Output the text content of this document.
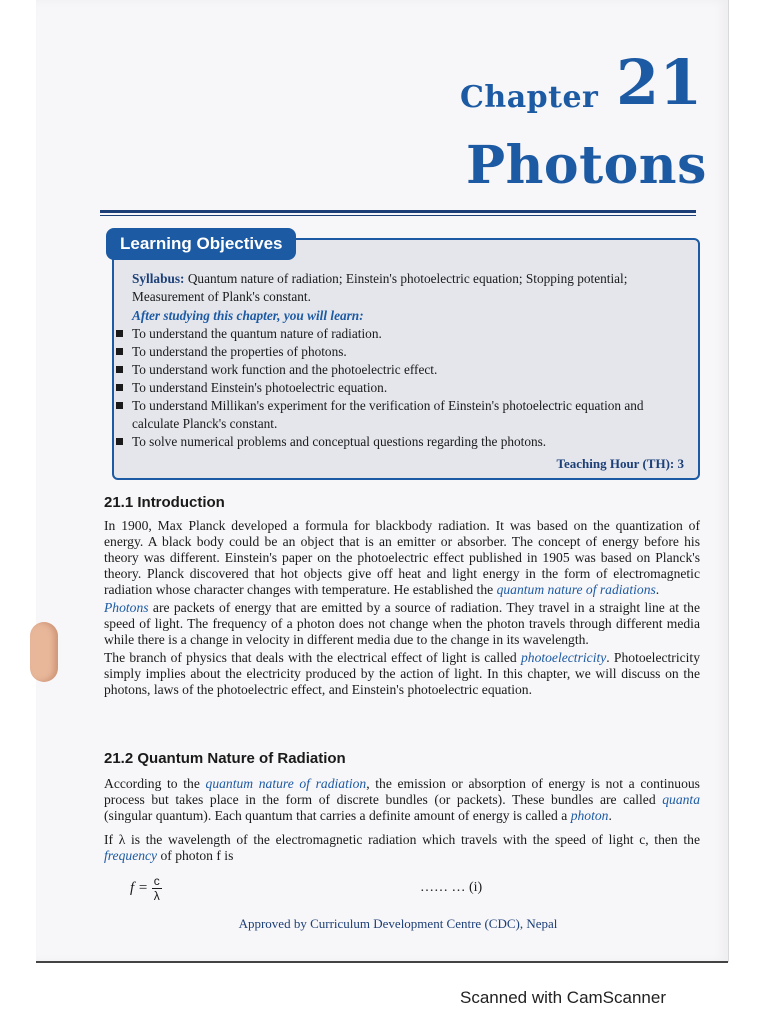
Chapter 21
Photons
Teaching Hour (TH): 3
Learning Objectives
Syllabus: Quantum nature of radiation; Einstein's photoelectric equation; Stopping potential; Measurement of Plank's constant.
After studying this chapter, you will learn:
To understand the quantum nature of radiation.
To understand the properties of photons.
To understand work function and the photoelectric effect.
To understand Einstein's photoelectric equation.
To understand Millikan's experiment for the verification of Einstein's photoelectric equation and calculate Planck's constant.
To solve numerical problems and conceptual questions regarding the photons.
21.1 Introduction

In 1900, Max Planck developed a formula for blackbody radiation. It was based on the quantization of energy. A black body could be an object that is an emitter or absorber. The concept of energy before his theory was different. Einstein's paper on the photoelectric effect published in 1905 was based on Planck's theory. Planck discovered that hot objects give off heat and light energy in the form of electromagnetic radiation whose character changes with temperature. He established the quantum nature of radiations.

Photons are packets of energy that are emitted by a source of radiation. They travel in a straight line at the speed of light. The frequency of a photon does not change when the photon travels through different media while there is a change in velocity in different media due to the change in its wavelength.

The branch of physics that deals with the electrical effect of light is called photoelectricity. Photoelectricity simply implies about the electricity produced by the action of light. In this chapter, we will discuss on the photons, laws of the photoelectric effect, and Einstein's photoelectric equation.

21.2 Quantum Nature of Radiation

According to the quantum nature of radiation, the emission or absorption of energy is not a continuous process but takes place in the form of discrete bundles (or packets). These bundles are called quanta (singular quantum). Each quantum that carries a definite amount of energy is called a photon.

If λ is the wavelength of the electromagnetic radiation which travels with the speed of light c, then the frequency of photon f is

$f = \frac{c}{\lambda}$	…… … (i)
Approved by Curriculum Development Centre (CDC), Nepal
Scanned with CamScanner
